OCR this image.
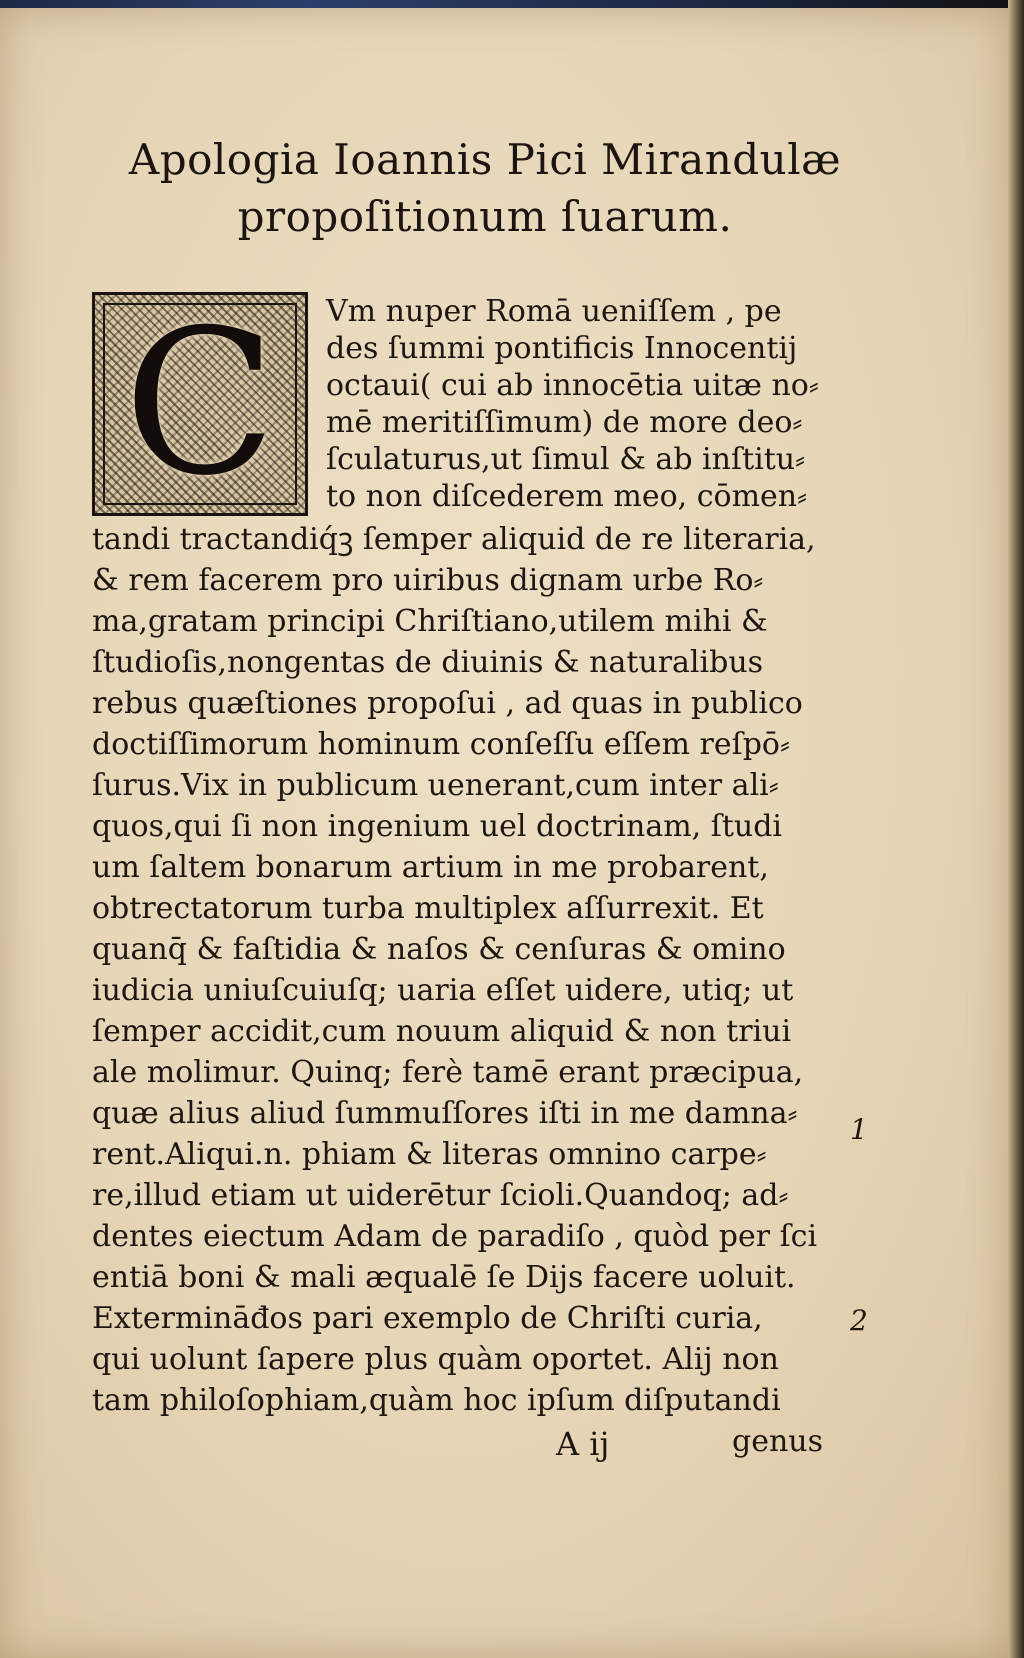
Apologia Ioannis Pici Mirandulæ
propoſitionum ſuarum.
C	Vm nuper Romā ueniſſem , pe
des ſummi pontificis Innocentij
octaui( cui ab innocētia uitæ no⸗
mē meritiſſimum) de more deo⸗
ſculaturus,ut ſimul & ab inſtitu⸗
to non diſcederem meo, cōmen⸗
tandi tractandiq́ꝫ ſemper aliquid de re literaria,
& rem facerem pro uiribus dignam urbe Ro⸗
ma,gratam principi Chriſtiano,utilem mihi &
ſtudioſis,nongentas de diuinis & naturalibus
rebus quæſtiones propoſui , ad quas in publico
doctiſſimorum hominum conſeſſu eſſem reſpō⸗
ſurus.Vix in publicum uenerant,cum inter ali⸗
quos,qui ſi non ingenium uel doctrinam, ſtudi
um ſaltem bonarum artium in me probarent,
obtrectatorum turba multiplex aſſurrexit. Et
quanq̄ & faſtidia & naſos & cenſuras & omino
iudicia uniuſcuiuſq; uaria eſſet uidere, utiq; ut
ſemper accidit,cum nouum aliquid & non triui
ale molimur. Quinq; ferè tamē erant præcipua,
quæ alius aliud ſummuſſores iſti in me damna⸗
rent.Aliqui.n. phiam & literas omnino carpe⸗
re,illud etiam ut uiderētur ſcioli.Quandoq; ad⸗
dentes eiectum Adam de paradiſo , quòd per ſci
entiā boni & mali æqualē ſe Dijs facere uoluit.
Extermināđos pari exemplo de Chriſti curia,
qui uolunt ſapere plus quàm oportet. Alij non
tam philoſophiam,quàm hoc ipſum diſputandi
1
2
A ij	genus
